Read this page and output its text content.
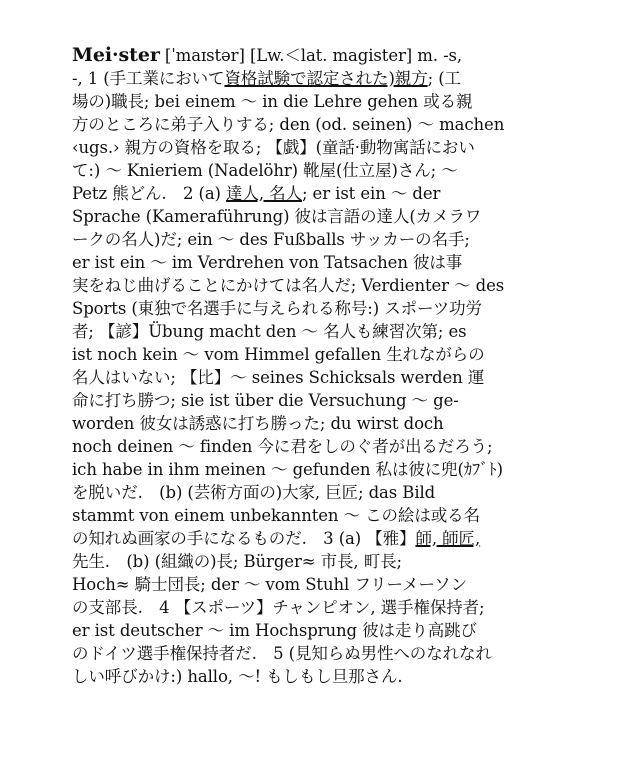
Mei·ster [ˈmaɪstər] [Lw.＜lat. magister] m. -s,
-, 1 (手工業において資格試験で認定された)親方; (工
場の)職長; bei einem ～ in die Lehre gehen 或る親
方のところに弟子入りする; den (od. seinen) ～ machen
‹ugs.› 親方の資格を取る; 【戯】(童話·動物寓話におい
て:) ～ Knieriem (Nadelöhr) 靴屋(仕立屋)さん; ～
Petz 熊どん.　2 (a) 達人, 名人; er ist ein ～ der
Sprache (Kameraführung) 彼は言語の達人(カメラワ
ークの名人)だ; ein ～ des Fußballs サッカーの名手;
er ist ein ～ im Verdrehen von Tatsachen 彼は事
実をねじ曲げることにかけては名人だ; Verdienter ～ des
Sports (東独で名選手に与えられる称号:) スポーツ功労
者; 【諺】Übung macht den ～ 名人も練習次第; es
ist noch kein ～ vom Himmel gefallen 生れながらの
名人はいない; 【比】～ seines Schicksals werden 運
命に打ち勝つ; sie ist über die Versuchung ～ ge-
worden 彼女は誘惑に打ち勝った; du wirst doch
noch deinen ～ finden 今に君をしのぐ者が出るだろう;
ich habe in ihm meinen ～ gefunden 私は彼に兜(ｶﾌﾞﾄ)
を脱いだ.　(b) (芸術方面の)大家, 巨匠; das Bild
stammt von einem unbekannten ～ この絵は或る名
の知れぬ画家の手になるものだ.　3 (a) 【雅】師, 師匠,
先生.　(b) (組織の)長; Bürger≈ 市長, 町長;
Hoch≈ 騎士団長; der ～ vom Stuhl フリーメーソン
の支部長.　4 【スポーツ】チャンピオン, 選手権保持者;
er ist deutscher ～ im Hochsprung 彼は走り高跳び
のドイツ選手権保持者だ.　5 (見知らぬ男性へのなれなれ
しい呼びかけ:) hallo, ～! もしもし旦那さん.
